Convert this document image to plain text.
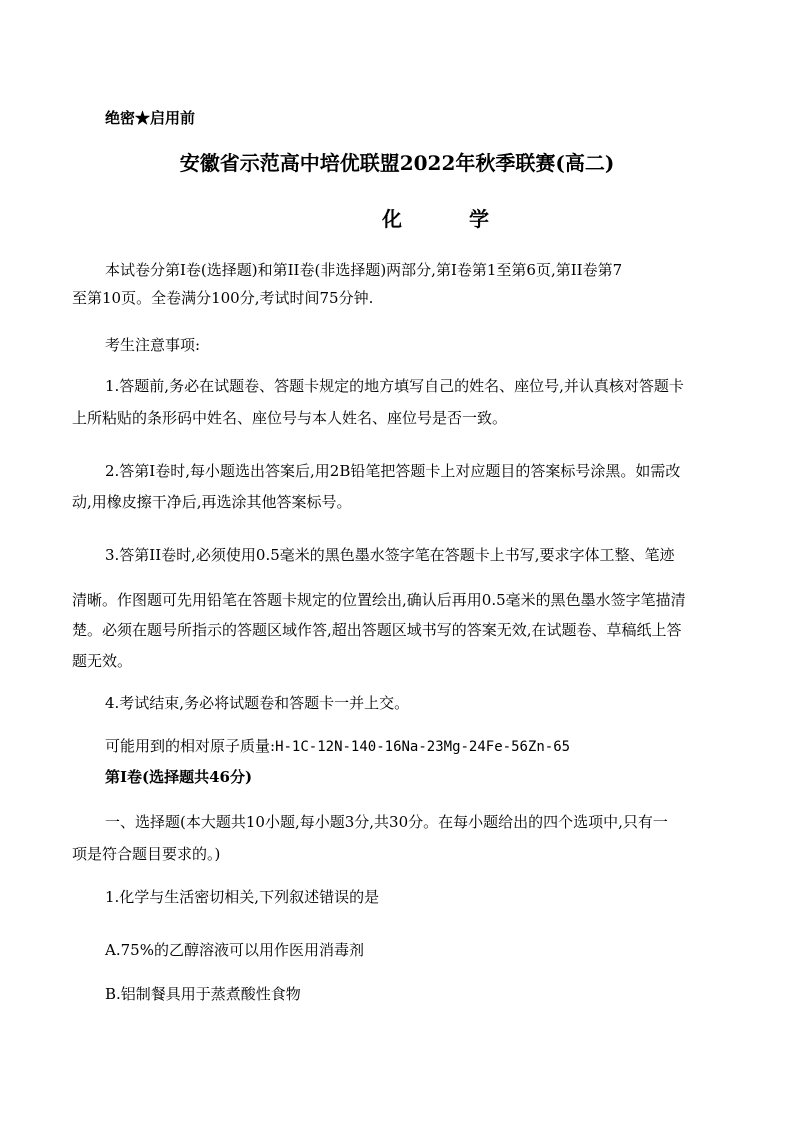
绝密★启用前
安徽省示范高中培优联盟2022年秋季联赛(高二)
化 学
本试卷分第I卷(选择题)和第II卷(非选择题)两部分,第I卷第1至第6页,第II卷第7
至第10页。全卷满分100分,考试时间75分钟.
考生注意事项:
1.答题前,务必在试题卷、答题卡规定的地方填写自己的姓名、座位号,并认真核对答题卡
上所粘贴的条形码中姓名、座位号与本人姓名、座位号是否一致。
2.答第I卷时,每小题选出答案后,用2B铅笔把答题卡上对应题目的答案标号涂黑。如需改
动,用橡皮擦干净后,再选涂其他答案标号。
3.答第II卷时,必须使用0.5毫米的黑色墨水签字笔在答题卡上书写,要求字体工整、笔迹
清晰。作图题可先用铅笔在答题卡规定的位置绘出,确认后再用0.5毫米的黑色墨水签字笔描清
楚。必须在题号所指示的答题区域作答,超出答题区域书写的答案无效,在试题卷、草稿纸上答
题无效。
4.考试结束,务必将试题卷和答题卡一并上交。
可能用到的相对原子质量:H-1C-12N-140-16Na-23Mg-24Fe-56Zn-65
第I卷(选择题共46分)
一、选择题(本大题共10小题,每小题3分,共30分。在每小题给出的四个选项中,只有一
项是符合题目要求的。)
1.化学与生活密切相关,下列叙述错误的是
A.75%的乙醇溶液可以用作医用消毒剂
B.铝制餐具用于蒸煮酸性食物
